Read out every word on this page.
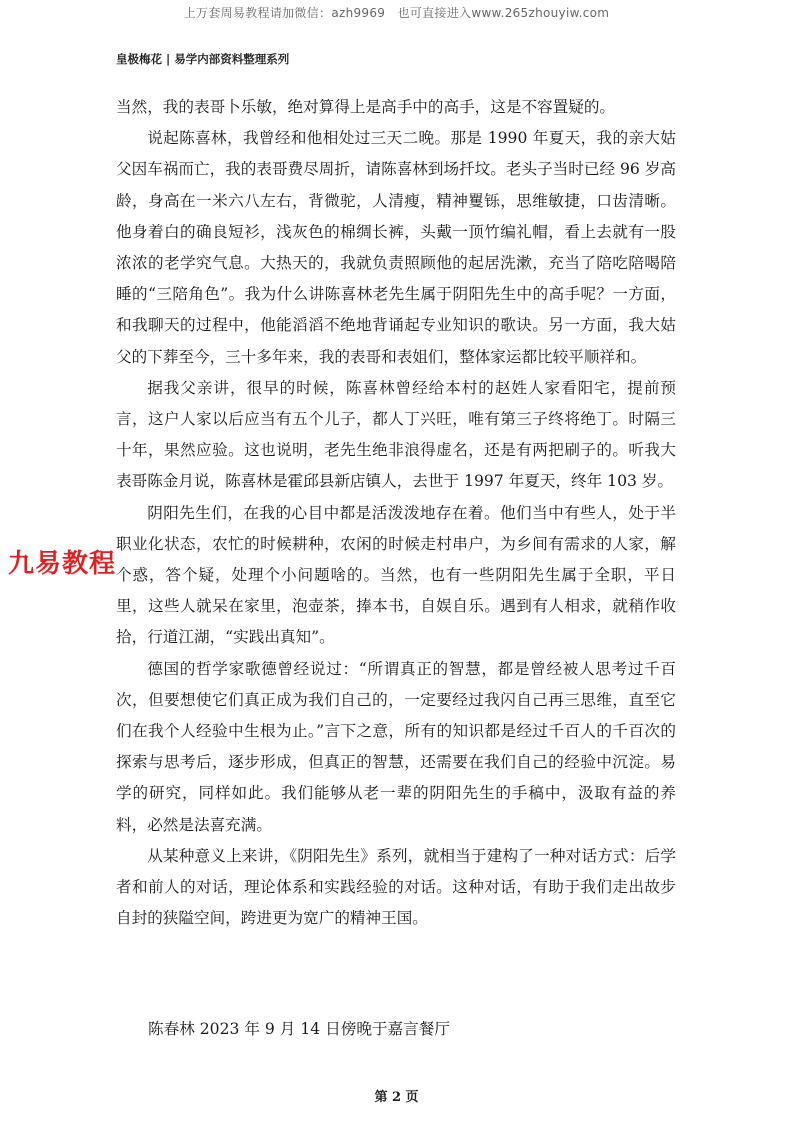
上万套周易教程请加微信：azh9969　也可直接进入www.265zhouyiw.com
皇极梅花 | 易学内部资料整理系列

当然，我的表哥卜乐敏，绝对算得上是高手中的高手，这是不容置疑的。

说起陈喜林，我曾经和他相处过三天二晚。那是 1990 年夏天，我的亲大姑父因车祸而亡，我的表哥费尽周折，请陈喜林到场扦坟。老头子当时已经 96 岁高龄，身高在一米六八左右，背微驼，人清瘦，精神矍铄，思维敏捷，口齿清晰。他身着白的确良短衫，浅灰色的棉绸长裤，头戴一顶竹编礼帽，看上去就有一股浓浓的老学究气息。大热天的，我就负责照顾他的起居洗漱，充当了陪吃陪喝陪睡的“三陪角色”。我为什么讲陈喜林老先生属于阴阳先生中的高手呢？一方面，和我聊天的过程中，他能滔滔不绝地背诵起专业知识的歌诀。另一方面，我大姑父的下葬至今，三十多年来，我的表哥和表姐们，整体家运都比较平顺祥和。

据我父亲讲，很早的时候，陈喜林曾经给本村的赵姓人家看阳宅，提前预言，这户人家以后应当有五个儿子，都人丁兴旺，唯有第三子终将绝丁。时隔三十年，果然应验。这也说明，老先生绝非浪得虚名，还是有两把刷子的。听我大表哥陈金月说，陈喜林是霍邱县新店镇人，去世于 1997 年夏天，终年 103 岁。

阴阳先生们，在我的心目中都是活泼泼地存在着。他们当中有些人，处于半职业化状态，农忙的时候耕种，农闲的时候走村串户，为乡间有需求的人家，解个惑，答个疑，处理个小问题啥的。当然，也有一些阴阳先生属于全职，平日里，这些人就呆在家里，泡壶茶，捧本书，自娱自乐。遇到有人相求，就稍作收拾，行道江湖，“实践出真知”。

德国的哲学家歌德曾经说过：“所谓真正的智慧，都是曾经被人思考过千百次，但要想使它们真正成为我们自己的，一定要经过我闪自己再三思维，直至它们在我个人经验中生根为止。”言下之意，所有的知识都是经过千百人的千百次的探索与思考后，逐步形成，但真正的智慧，还需要在我们自己的经验中沉淀。易学的研究，同样如此。我们能够从老一辈的阴阳先生的手稿中，汲取有益的养料，必然是法喜充满。

从某种意义上来讲，《阴阳先生》系列，就相当于建构了一种对话方式：后学者和前人的对话，理论体系和实践经验的对话。这种对话，有助于我们走出故步自封的狭隘空间，跨进更为宽广的精神王国。

陈春林 2023 年 9 月 14 日傍晚于嘉言餐厅
第 2 页
九易教程
